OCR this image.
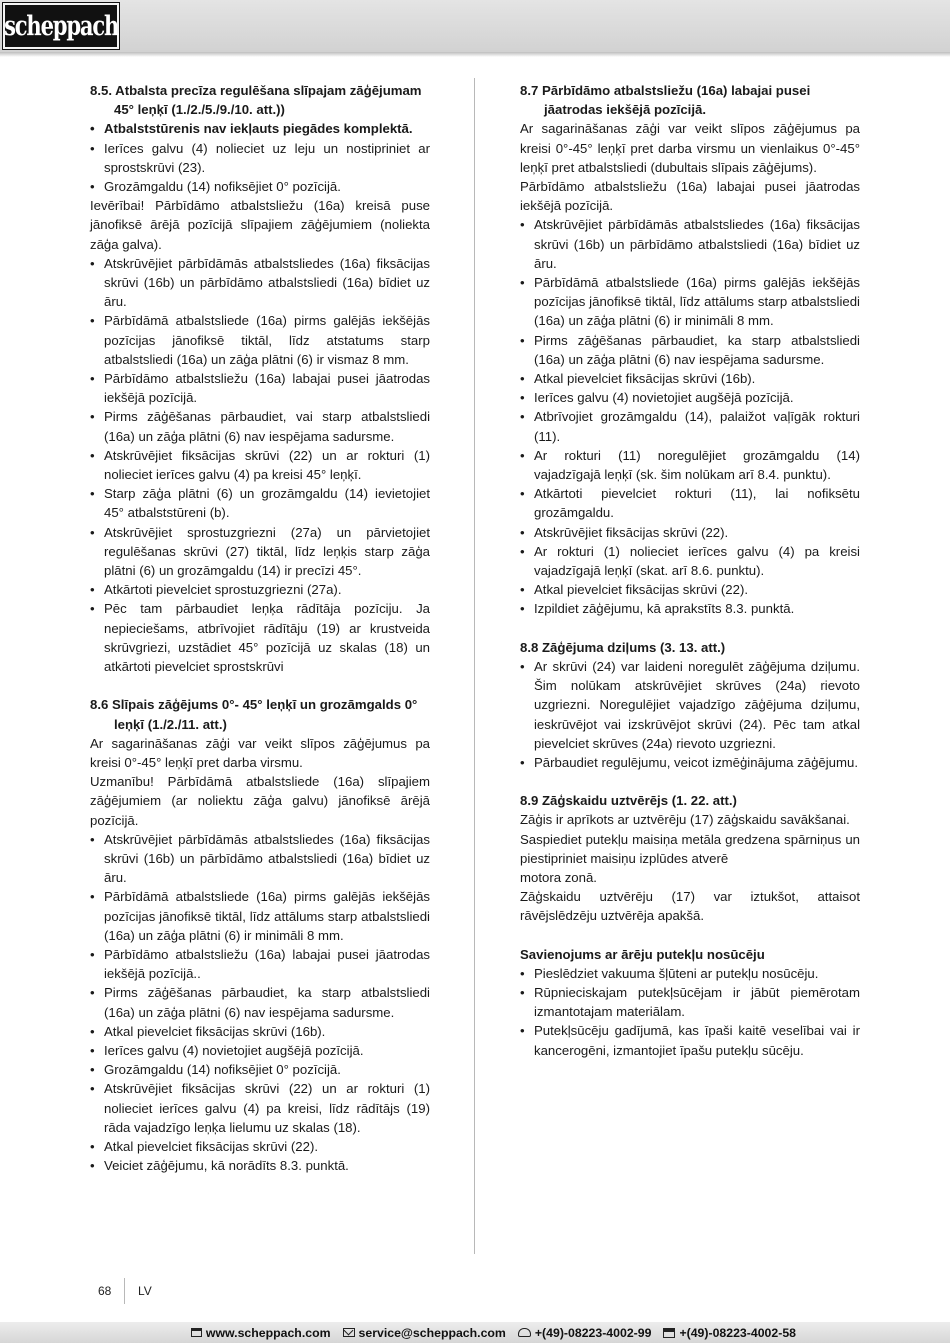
scheppach
8.5. Atbalsta precīza regulēšana slīpajam zāģējumam 45° leņķī (1./2./5./9./10. att.))
• Atbalststūrenis nav iekļauts piegādes komplektā.
• Ierīces galvu (4) nolieciet uz leju un nostipriniet ar sprostskrūvi (23).
• Grozāmgaldu (14) nofiksējiet 0° pozīcijā.
Ievērībai! Pārbīdāmo atbalstsliežu (16a) kreisā puse jānofiksē ārējā pozīcijā slīpajiem zāģējumiem (noliekta zāģa galva).
• Atskrūvējiet pārbīdāmās atbalstsliedes (16a) fiksācijas skrūvi (16b) un pārbīdāmo atbalstsliedi (16a) bīdiet uz āru.
• Pārbīdāmā atbalstsliede (16a) pirms galējās iekšējās pozīcijas jānofiksē tiktāl, līdz atstatums starp atbalstsliedi (16a) un zāģa plātni (6) ir vismaz 8 mm.
• Pārbīdāmo atbalstsliežu (16a) labajai pusei jāatrodas iekšējā pozīcijā.
• Pirms zāģēšanas pārbaudiet, vai starp atbalstsliedi (16a) un zāģa plātni (6) nav iespējama sadursme.
• Atskrūvējiet fiksācijas skrūvi (22) un ar rokturi (1) nolieciet ierīces galvu (4) pa kreisi 45° leņķī.
• Starp zāģa plātni (6) un grozāmgaldu (14) ievietojiet 45° atbalststūreni (b).
• Atskrūvējiet sprostuzgriezni (27a) un pārvietojiet regulēšanas skrūvi (27) tiktāl, līdz leņķis starp zāģa plātni (6) un grozāmgaldu (14) ir precīzi 45°.
• Atkārtoti pievelciet sprostuzgriezni (27a).
• Pēc tam pārbaudiet leņķa rādītāja pozīciju. Ja nepieciešams, atbrīvojiet rādītāju (19) ar krustveida skrūvgriezi, uzstādiet 45° pozīcijā uz skalas (18) un atkārtoti pievelciet sprostskrūvi
8.6 Slīpais zāģējums 0°- 45° leņķī un grozāmgalds 0° leņķī (1./2./11. att.)
Ar sagarināšanas zāģi var veikt slīpos zāģējumus pa kreisi 0°-45° leņķī pret darba virsmu.
Uzmanību! Pārbīdāmā atbalstsliede (16a) slīpajiem zāģējumiem (ar noliektu zāģa galvu) jānofiksē ārējā pozīcijā.
• Atskrūvējiet pārbīdāmās atbalstsliedes (16a) fiksācijas skrūvi (16b) un pārbīdāmo atbalstsliedi (16a) bīdiet uz āru.
• Pārbīdāmā atbalstsliede (16a) pirms galējās iekšējās pozīcijas jānofiksē tiktāl, līdz attālums starp atbalstsliedi (16a) un zāģa plātni (6) ir minimāli 8 mm.
• Pārbīdāmo atbalstsliežu (16a) labajai pusei jāatrodas iekšējā pozīcijā..
• Pirms zāģēšanas pārbaudiet, ka starp atbalstsliedi (16a) un zāģa plātni (6) nav iespējama sadursme.
• Atkal pievelciet fiksācijas skrūvi (16b).
• Ierīces galvu (4) novietojiet augšējā pozīcijā.
• Grozāmgaldu (14) nofiksējiet 0° pozīcijā.
• Atskrūvējiet fiksācijas skrūvi (22) un ar rokturi (1) nolieciet ierīces galvu (4) pa kreisi, līdz rādītājs (19) rāda vajadzīgo leņķa lielumu uz skalas (18).
• Atkal pievelciet fiksācijas skrūvi (22).
• Veiciet zāģējumu, kā norādīts 8.3. punktā.
8.7 Pārbīdāmo atbalstsliežu (16a) labajai pusei jāatrodas iekšējā pozīcijā.
Ar sagarināšanas zāģi var veikt slīpos zāģējumus pa kreisi 0°-45° leņķī pret darba virsmu un vienlaikus 0°-45° leņķī pret atbalstsliedi (dubultais slīpais zāģējums).
Pārbīdāmo atbalstsliežu (16a) labajai pusei jāatrodas iekšējā pozīcijā.
• Atskrūvējiet pārbīdāmās atbalstsliedes (16a) fiksācijas skrūvi (16b) un pārbīdāmo atbalstsliedi (16a) bīdiet uz āru.
• Pārbīdāmā atbalstsliede (16a) pirms galējās iekšējās pozīcijas jānofiksē tiktāl, līdz attālums starp atbalstsliedi (16a) un zāģa plātni (6) ir minimāli 8 mm.
• Pirms zāģēšanas pārbaudiet, ka starp atbalstsliedi (16a) un zāģa plātni (6) nav iespējama sadursme.
• Atkal pievelciet fiksācijas skrūvi (16b).
• Ierīces galvu (4) novietojiet augšējā pozīcijā.
• Atbrīvojiet grozāmgaldu (14), palaižot vaļīgāk rokturi (11).
• Ar rokturi (11) noregulējiet grozāmgaldu (14) vajadzīgajā leņķī (sk. šim nolūkam arī 8.4. punktu).
• Atkārtoti pievelciet rokturi (11), lai nofiksētu grozāmgaldu.
• Atskrūvējiet fiksācijas skrūvi (22).
• Ar rokturi (1) nolieciet ierīces galvu (4) pa kreisi vajadzīgajā leņķī (skat. arī 8.6. punktu).
• Atkal pievelciet fiksācijas skrūvi (22).
• Izpildiet zāģējumu, kā aprakstīts 8.3. punktā.
8.8 Zāģējuma dziļums (3. 13. att.)
• Ar skrūvi (24) var laideni noregulēt zāģējuma dziļumu. Šim nolūkam atskrūvējiet skrūves (24a) rievoto uzgriezni. Noregulējiet vajadzīgo zāģējuma dziļumu, ieskrūvējot vai izskrūvējot skrūvi (24). Pēc tam atkal pievelciet skrūves (24a) rievoto uzgriezni.
• Pārbaudiet regulējumu, veicot izmēģinājuma zāģējumu.
8.9 Zāģskaidu uztvērējs (1. 22. att.)
Zāģis ir aprīkots ar uztvērēju (17) zāģskaidu savākšanai.
Saspiediet putekļu maisiņa metāla gredzena spārniņus un piestipriniet maisiņu izplūdes atverē
motora zonā.
Zāģskaidu uztvērēju (17) var iztukšot, attaisot rāvējslēdzēju uztvērēja apakšā.
Savienojums ar ārēju putekļu nosūcēju
• Pieslēdziet vakuuma šļūteni ar putekļu nosūcēju.
• Rūpnieciskajam putekļsūcējam ir jābūt piemērotam izmantotajam materiālam.
• Putekļsūcēju gadījumā, kas īpaši kaitē veselībai vai ir kancerogēni, izmantojiet īpašu putekļu sūcēju.
68 LV
www.scheppach.com service@scheppach.com +(49)-08223-4002-99 +(49)-08223-4002-58
